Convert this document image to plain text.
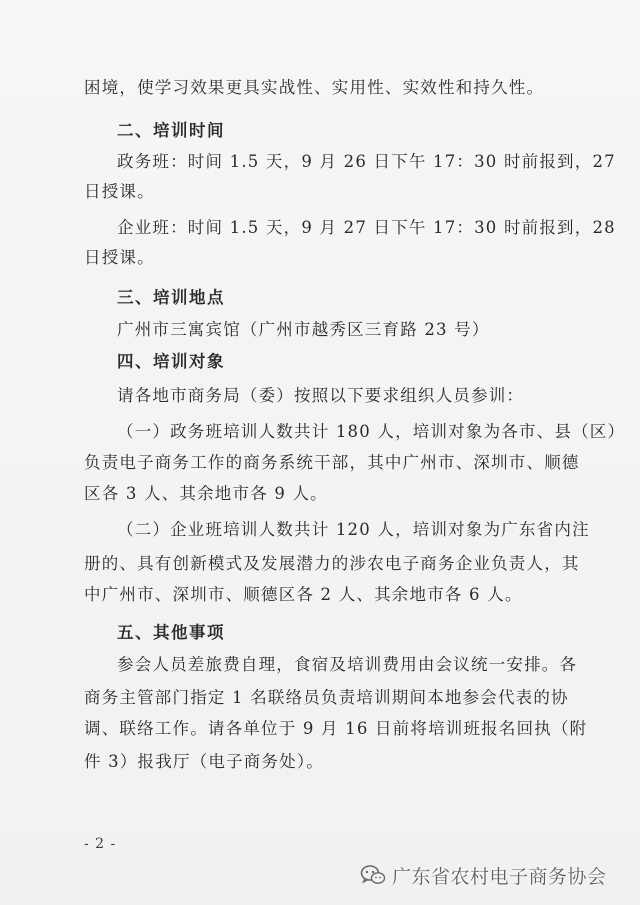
困境，使学习效果更具实战性、实用性、实效性和持久性。
二、培训时间
政务班：时间 1.5 天，9 月 26 日下午 17：30 时前报到，27
日授课。
企业班：时间 1.5 天，9 月 27 日下午 17：30 时前报到，28
日授课。
三、培训地点
广州市三寓宾馆（广州市越秀区三育路 23 号）
四、培训对象
请各地市商务局（委）按照以下要求组织人员参训：
（一）政务班培训人数共计 180 人，培训对象为各市、县（区）
负责电子商务工作的商务系统干部，其中广州市、深圳市、顺德
区各 3 人、其余地市各 9 人。
（二）企业班培训人数共计 120 人，培训对象为广东省内注
册的、具有创新模式及发展潜力的涉农电子商务企业负责人，其
中广州市、深圳市、顺德区各 2 人、其余地市各 6 人。
五、其他事项
参会人员差旅费自理，食宿及培训费用由会议统一安排。各
商务主管部门指定 1 名联络员负责培训期间本地参会代表的协
调、联络工作。请各单位于 9 月 16 日前将培训班报名回执（附
件 3）报我厅（电子商务处）。
- 2 -
广东省农村电子商务协会
